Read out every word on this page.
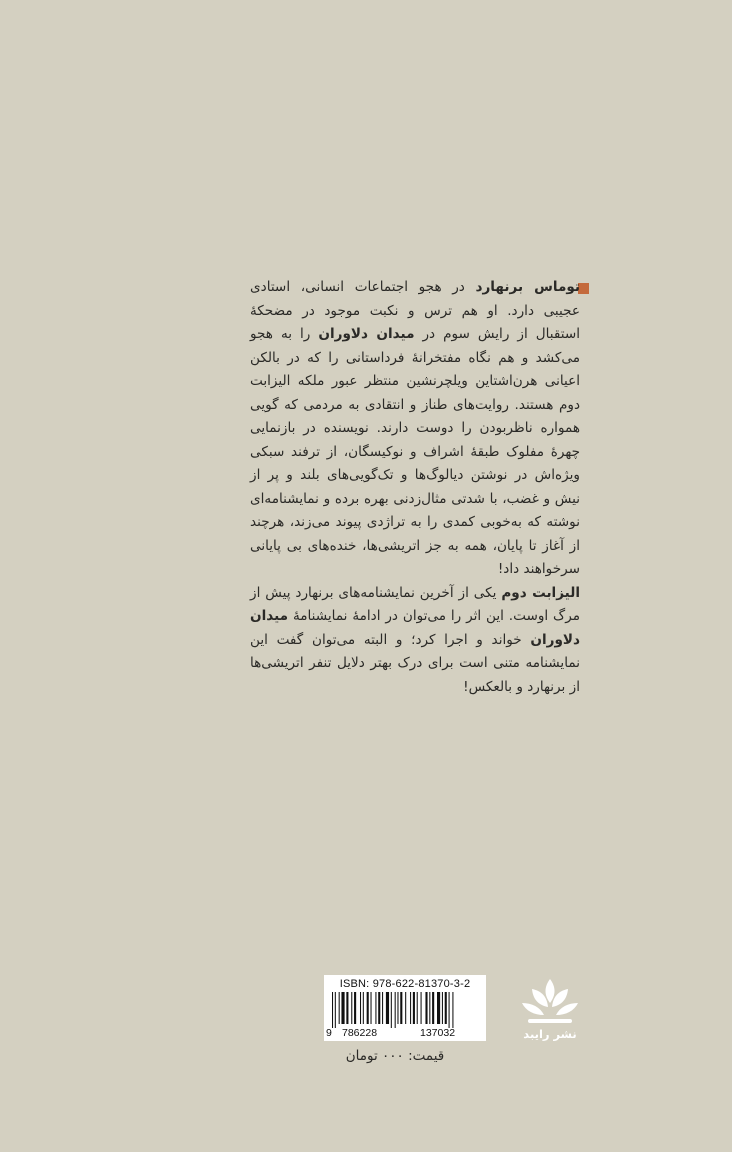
توماس برنهارد در هجو اجتماعات انسانی، استادی عجیبی دارد. او هم ترس و نکبت موجود در مضحکهٔ استقبال از رایش سوم در میدان دلاوران را به هجو می‌کشد و هم نگاه مفتخرانهٔ فرداستانی را که در بالکن اعیانی هرن‌اشتاین ویلچرنشین منتظر عبور ملکه الیزابت دوم هستند. روایت‌های طناز و انتقادی به مردمی که گویی همواره ناظر‌بودن را دوست دارند. نویسنده در بازنمایی چهرهٔ مفلوک طبقهٔ اشراف و نوکیسگان، از ترفند سبکی ویژه‌اش در نوشتن دیالوگ‌ها و تک‌گویی‌های بلند و پر از نیش و غضب، با شدتی مثال‌زدنی بهره برده و نمایشنامه‌ای نوشته که به‌خوبی کمدی را به تراژدی پیوند می‌زند، هرچند از آغاز تا پایان، همه به جز اتریشی‌ها، خنده‌های بی پایانی سرخواهند داد!

الیزابت دوم یکی از آخرین نمایشنامه‌های برنهارد پیش از مرگ اوست. این اثر را می‌توان در ادامهٔ نمایشنامهٔ میدان دلاوران خواند و اجرا کرد؛ و البته می‌توان گفت این نمایشنامه متنی است برای درک بهتر دلایل تنفر اتریشی‌ها از برنهارد و بالعکس!

ISBN: 978-622-81370-3-2
9 786228	137032
قیمت: ۰۰۰ تومان
نشر رایبد
